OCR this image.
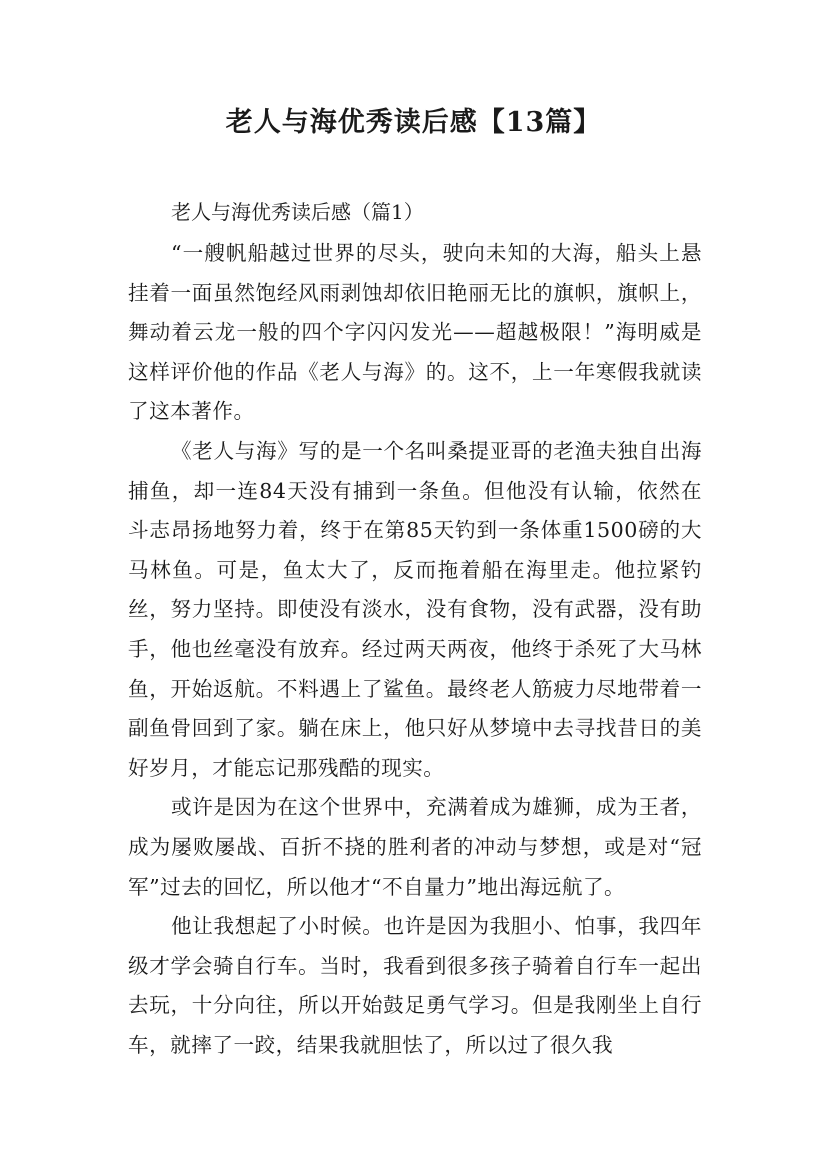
老人与海优秀读后感【13篇】

老人与海优秀读后感（篇1）

“一艘帆船越过世界的尽头，驶向未知的大海，船头上悬挂着一面虽然饱经风雨剥蚀却依旧艳丽无比的旗帜，旗帜上，舞动着云龙一般的四个字闪闪发光——超越极限！”海明威是这样评价他的作品《老人与海》的。这不，上一年寒假我就读了这本著作。

《老人与海》写的是一个名叫桑提亚哥的老渔夫独自出海捕鱼，却一连84天没有捕到一条鱼。但他没有认输，依然在斗志昂扬地努力着，终于在第85天钓到一条体重1500磅的大马林鱼。可是，鱼太大了，反而拖着船在海里走。他拉紧钓丝，努力坚持。即使没有淡水，没有食物，没有武器，没有助手，他也丝毫没有放弃。经过两天两夜，他终于杀死了大马林鱼，开始返航。不料遇上了鲨鱼。最终老人筋疲力尽地带着一副鱼骨回到了家。躺在床上，他只好从梦境中去寻找昔日的美好岁月，才能忘记那残酷的现实。

或许是因为在这个世界中，充满着成为雄狮，成为王者，成为屡败屡战、百折不挠的胜利者的冲动与梦想，或是对“冠军”过去的回忆，所以他才“不自量力”地出海远航了。

他让我想起了小时候。也许是因为我胆小、怕事，我四年级才学会骑自行车。当时，我看到很多孩子骑着自行车一起出去玩，十分向往，所以开始鼓足勇气学习。但是我刚坐上自行车，就摔了一跤，结果我就胆怯了，所以过了很久我
